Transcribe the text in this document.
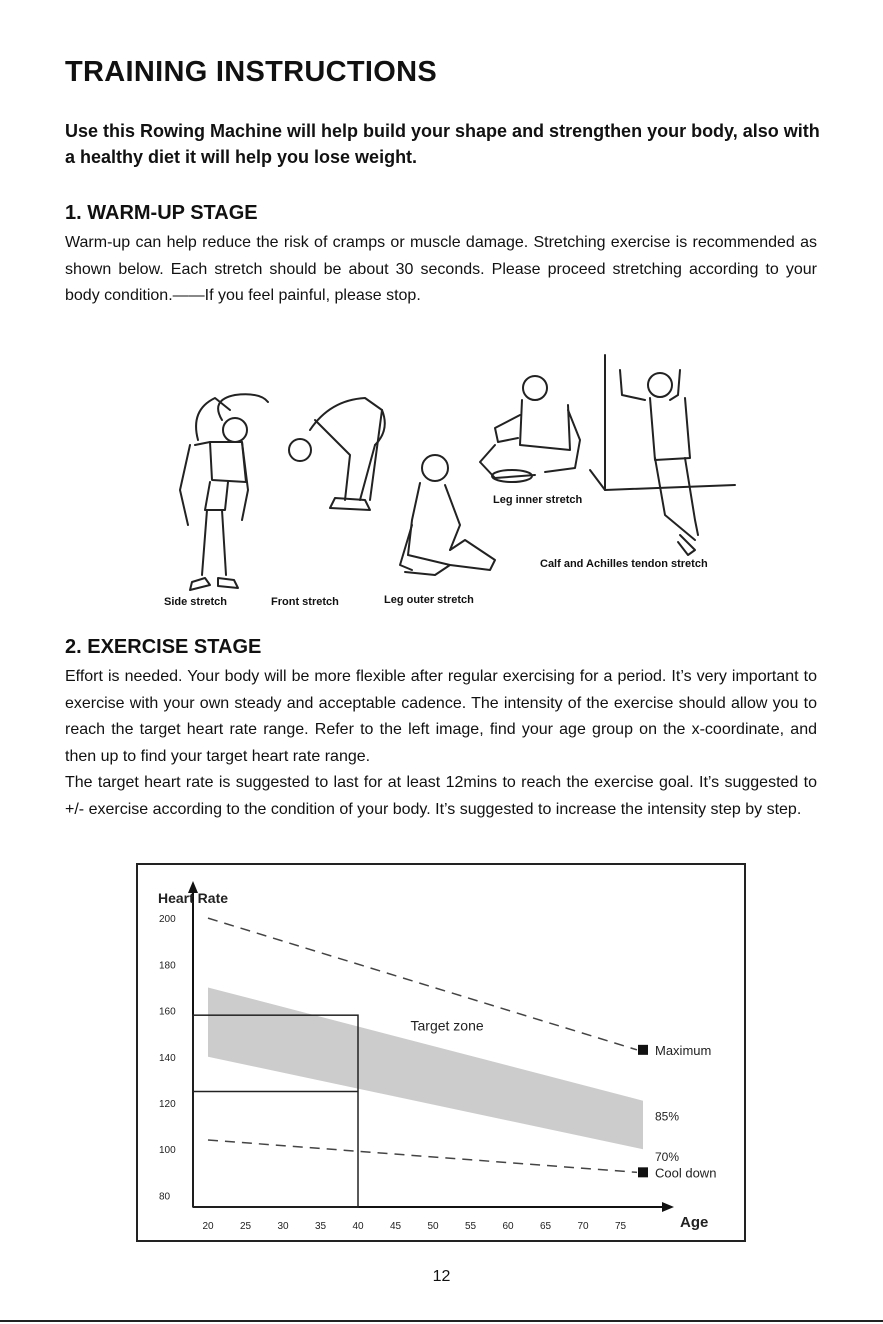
TRAINING INSTRUCTIONS

Use this Rowing Machine will help build your shape and strengthen your body, also with a healthy diet it will help you lose weight.

1. WARM-UP STAGE

Warm-up can help reduce the risk of cramps or muscle damage. Stretching exercise is recommended as shown below. Each stretch should be about 30 seconds. Please proceed stretching according to your body condition.——If you feel painful, please stop.

Side stretch	Front stretch	Leg outer stretch
Leg inner stretch
Calf and Achilles tendon stretch
2. EXERCISE STAGE

Effort is needed. Your body will be more flexible after regular exercising for a period. It’s very important to exercise with your own steady and acceptable cadence. The intensity of the exercise should allow you to reach the target heart rate range. Refer to the left image, find your age group on the x-coordinate, and then up to find your target heart rate range.

The target heart rate is suggested to last for at least 12mins to reach the exercise goal. It’s suggested to +/- exercise according to the condition of your body. It’s suggested to increase the intensity step by step.

80
100
120
140
160
180
200
20	25	30	35	40	45	50	55	60	65	70	75
Heart Rate
Age
Maximum
85%
70%
Cool down
Target zone
12
